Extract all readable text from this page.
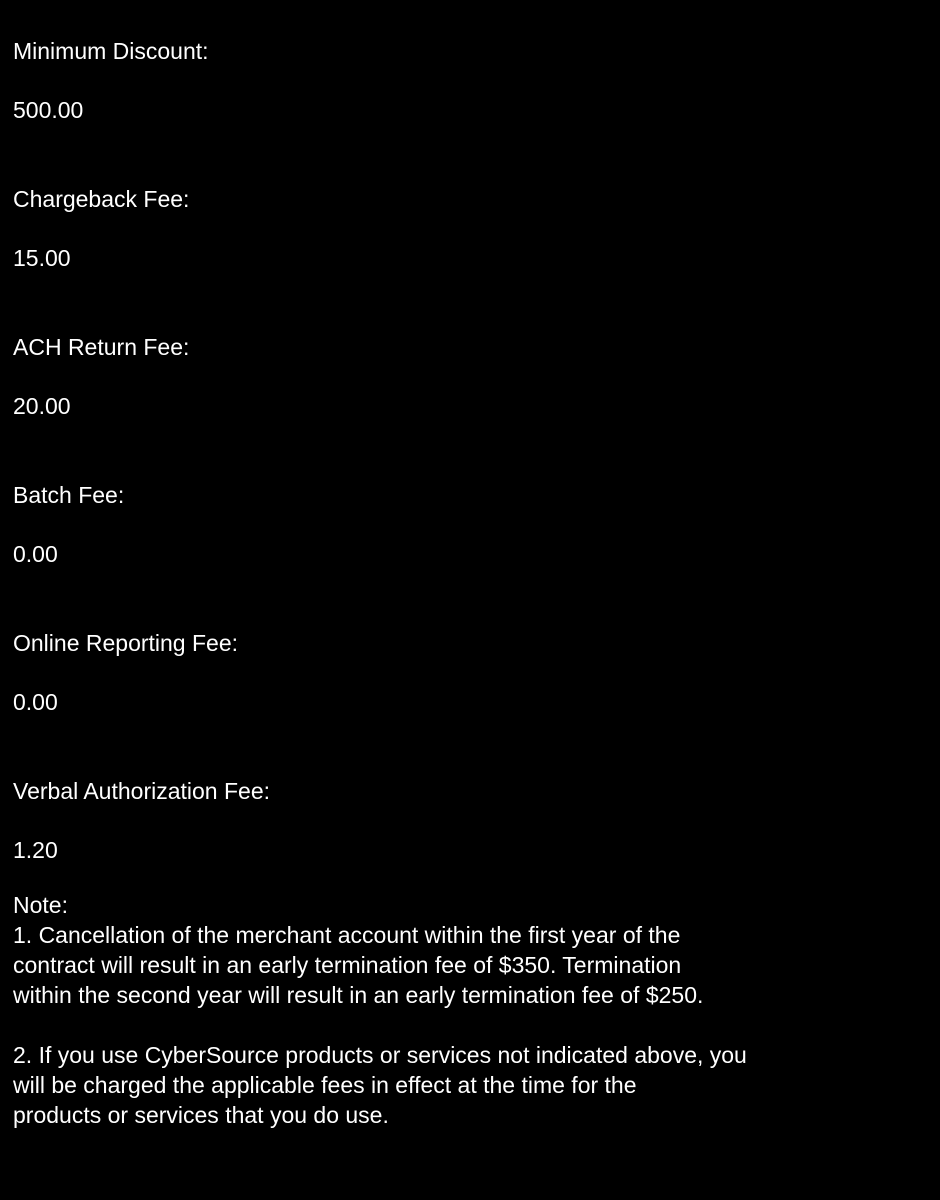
Minimum Discount:
500.00
Chargeback Fee:
15.00
ACH Return Fee:
20.00
Batch Fee:
0.00
Online Reporting Fee:
0.00
Verbal Authorization Fee:
1.20
Note:

1. Cancellation of the merchant account within the first year of the
contract will result in an early termination fee of $350. Termination
within the second year will result in an early termination fee of $250.

2. If you use CyberSource products or services not indicated above, you
will be charged the applicable fees in effect at the time for the
products or services that you do use.
